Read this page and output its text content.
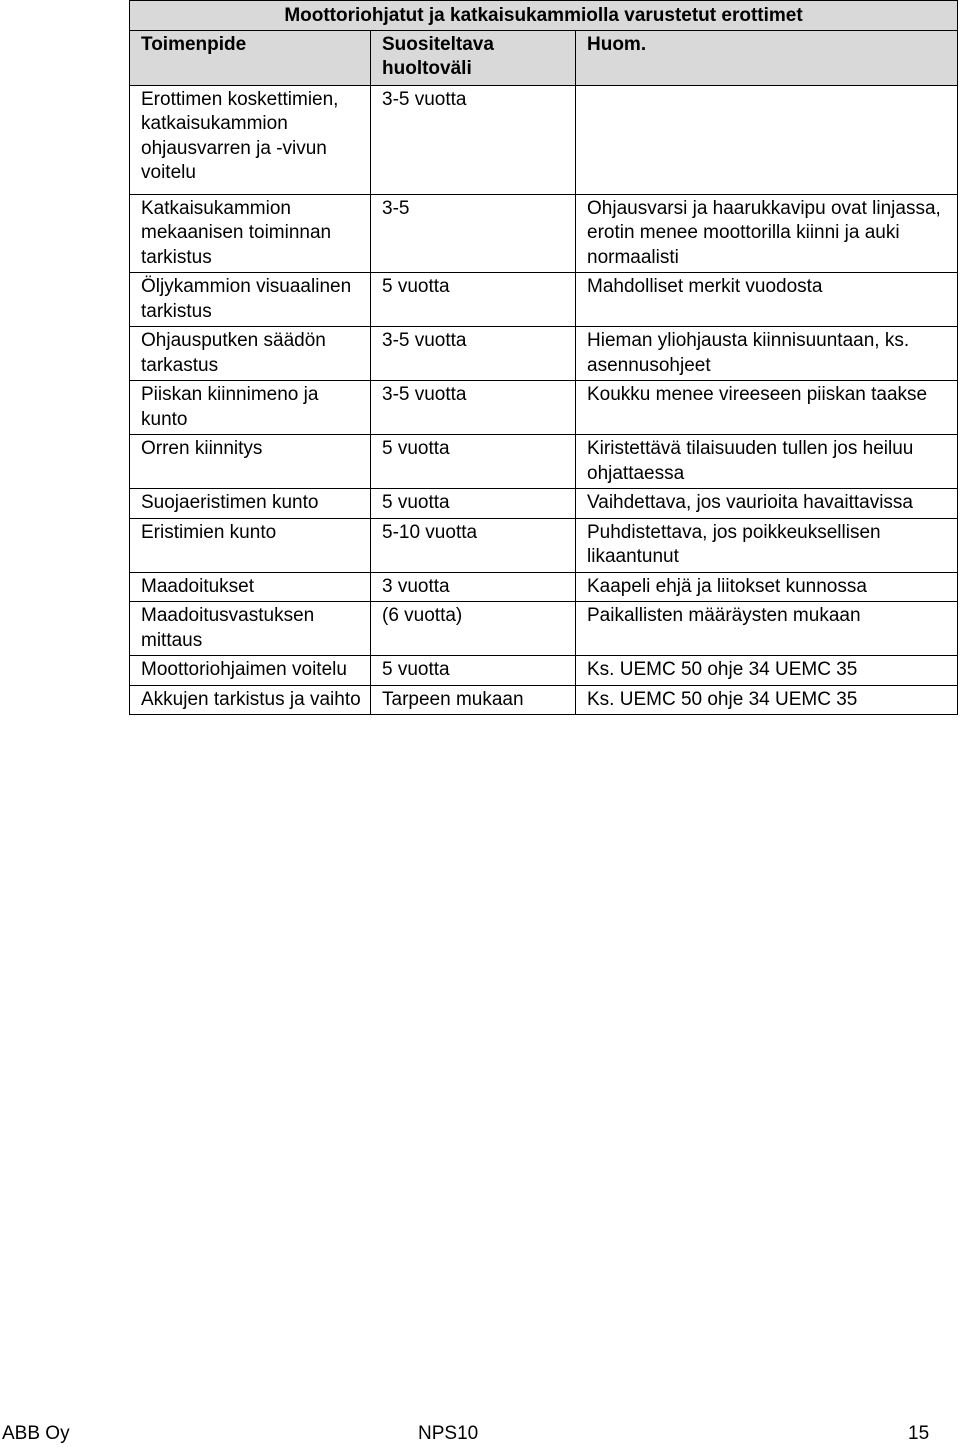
Moottoriohjatut ja katkaisukammiolla varustetut erottimet		
Toimenpide	Suositeltava huoltoväli	Huom.
Erottimen koskettimien, katkaisukammion ohjausvarren ja -vivun voitelu	3-5 vuotta	
Katkaisukammion mekaanisen toiminnan tarkistus	3-5	Ohjausvarsi ja haarukkavipu ovat linjassa, erotin menee moottorilla kiinni ja auki normaalisti
Öljykammion visuaalinen tarkistus	5 vuotta	Mahdolliset merkit vuodosta
Ohjausputken säädön tarkastus	3-5 vuotta	Hieman yliohjausta kiinnisuuntaan, ks. asennusohjeet
Piiskan kiinnimeno ja kunto	3-5 vuotta	Koukku menee vireeseen piiskan taakse
Orren kiinnitys	5 vuotta	Kiristettävä tilaisuuden tullen jos heiluu ohjattaessa
Suojaeristimen kunto	5 vuotta	Vaihdettava, jos vaurioita havaittavissa
Eristimien kunto	5-10 vuotta	Puhdistettava, jos poikkeuksellisen likaantunut
Maadoitukset	3 vuotta	Kaapeli ehjä ja liitokset kunnossa
Maadoitusvastuksen mittaus	(6 vuotta)	Paikallisten määräysten mukaan
Moottoriohjaimen voitelu	5 vuotta	Ks. UEMC 50 ohje 34 UEMC 35
Akkujen tarkistus ja vaihto	Tarpeen mukaan	Ks. UEMC 50 ohje 34 UEMC 35
ABB Oy	NPS10	15
